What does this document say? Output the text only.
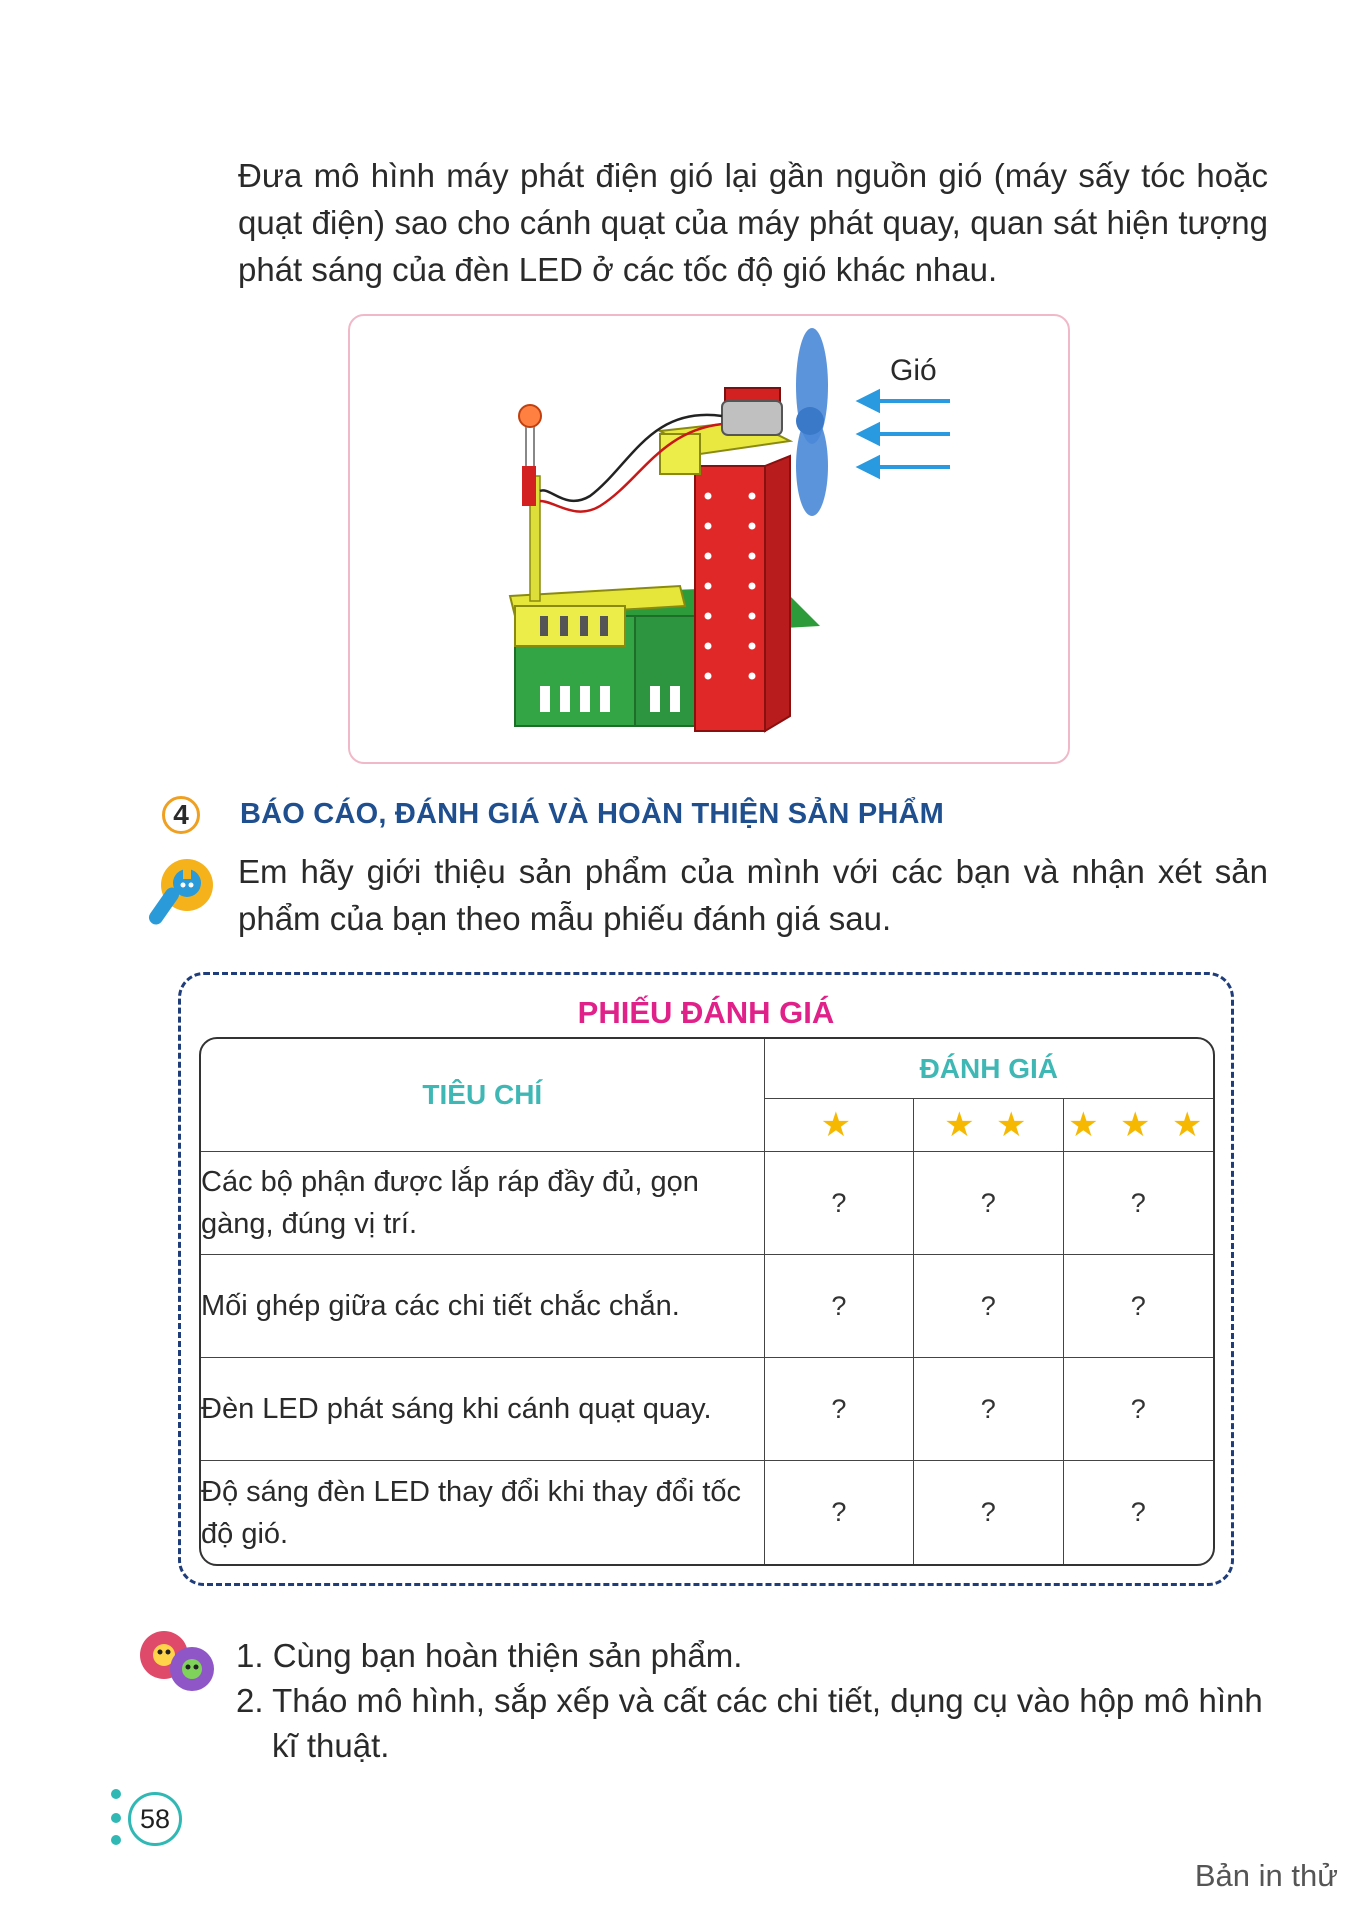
Đưa mô hình máy phát điện gió lại gần nguồn gió (máy sấy tóc hoặc quạt điện) sao cho cánh quạt của máy phát quay, quan sát hiện tượng phát sáng của đèn LED ở các tốc độ gió khác nhau.

Gió
4	BÁO CÁO, ĐÁNH GIÁ VÀ HOÀN THIỆN SẢN PHẨM

Em hãy giới thiệu sản phẩm của mình với các bạn và nhận xét sản phẩm của bạn theo mẫu phiếu đánh giá sau.

PHIẾU ĐÁNH GIÁ
TIÊU CHÍ	ĐÁNH GIÁ		
	★	★ ★	★ ★ ★
Các bộ phận được lắp ráp đầy đủ, gọn gàng, đúng vị trí.	?	?	?
Mối ghép giữa các chi tiết chắc chắn.	?	?	?
Đèn LED phát sáng khi cánh quạt quay.	?	?	?
Độ sáng đèn LED thay đổi khi thay đổi tốc độ gió.	?	?	?
1. Cùng bạn hoàn thiện sản phẩm.
2. Tháo mô hình, sắp xếp và cất các chi tiết, dụng cụ vào hộp mô hình kĩ thuật.
58
Bản in thử
